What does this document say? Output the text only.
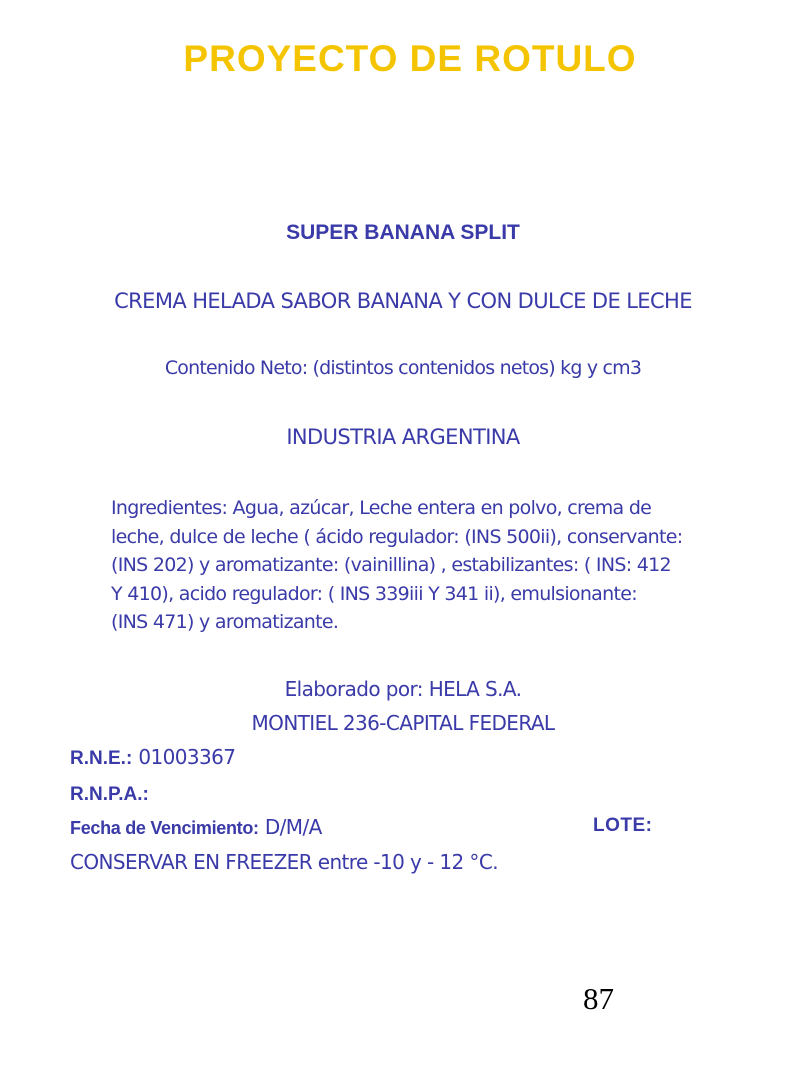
PROYECTO DE ROTULO
SUPER BANANA SPLIT
CREMA HELADA SABOR BANANA Y CON DULCE DE LECHE
Contenido Neto: (distintos contenidos netos) kg y cm3
INDUSTRIA ARGENTINA
Ingredientes: Agua, azúcar, Leche entera en polvo, crema de
leche, dulce de leche ( ácido regulador: (INS 500ii), conservante:
(INS 202) y aromatizante: (vainillina) , estabilizantes: ( INS: 412
Y 410), acido regulador: ( INS 339iii Y 341 ii), emulsionante:
(INS 471) y aromatizante.
Elaborado por: HELA S.A.
MONTIEL 236-CAPITAL FEDERAL
R.N.E.: 01003367
R.N.P.A.:
Fecha de Vencimiento: D/M/A	LOTE:
CONSERVAR EN FREEZER entre -10 y - 12 °C.
87
